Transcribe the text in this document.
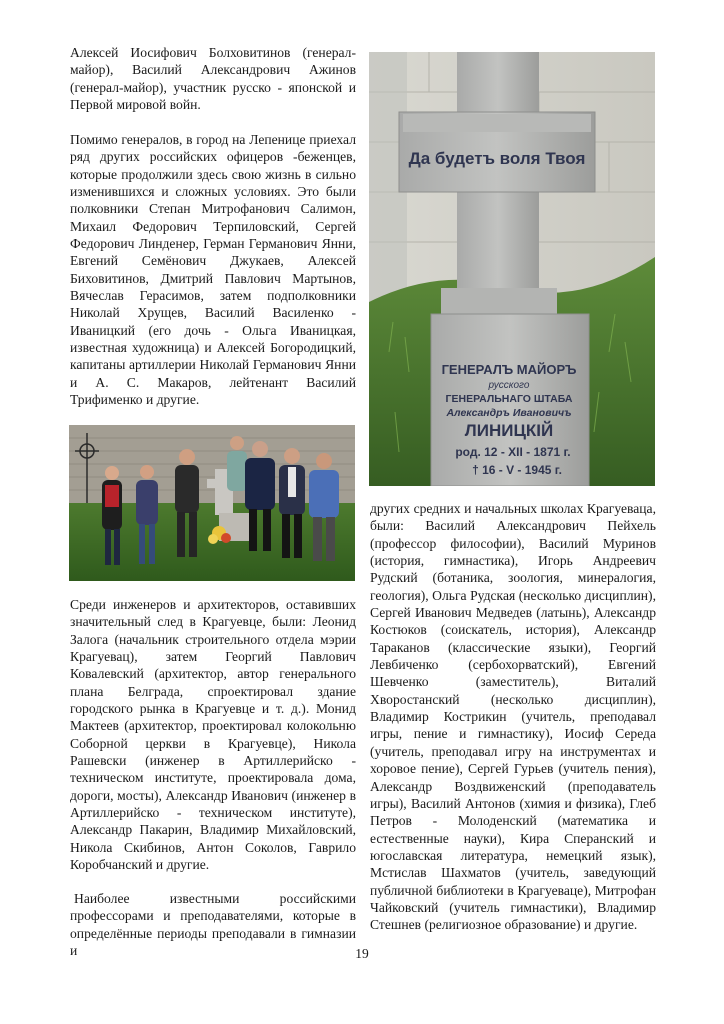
Алексей Иосифович Болховитинов (генерал-майор), Василий Александрович Ажинов (генерал-майор), участник русско - японской и Первой мировой войн.

Помимо генералов, в город на Лепенице приехал ряд других российских офицеров -беженцев, которые продолжили здесь свою жизнь в сильно изменившихся и сложных условиях. Это были полковники Степан Митрофанович Салимон, Михаил Федорович Терпиловский, Сергей Федорович Линденер, Герман Германович Янни, Евгений Семёнович Джукаев, Алексей Биховитинов, Дмитрий Павлович Мартынов, Вячеслав Герасимов, затем подполковники Николай Хрущев, Василий Василенко - Иваницкий (его дочь - Ольга Иваницкая, известная художница) и Алексей Богородицкий, капитаны артиллерии Николай Германович Янни и А. С. Макаров, лейтенант Василий Трифименко и другие.

Среди инженеров и архитекторов, оставивших значительный след в Крагуевце, были: Леонид Залога (начальник строительного отдела мэрии Крагуевац), затем Георгий Павлович Ковалевский (архитектор, автор генерального плана Белграда, спроектировал здание городского рынка в Крагуевце и т. д.). Монид Мактеев (архитектор, проектировал колокольню Соборной церкви в Крагуевце), Никола Рашевски (инженер в Артиллерийско - техническом институте, проектировала дома, дороги, мосты), Александр Иванович (инженер в Артиллерийско - техническом институте), Александр Пакарин, Владимир Михайловский, Никола Скибинов, Антон Соколов, Гаврило Коробчанский и другие.

Наиболее известными российскими профессорами и преподавателями, которые в определённые периоды преподавали в гимназии и

Да будетъ воля Твоя
ГЕНЕРАЛЪ МАЙОРЪ
русского
ГЕНЕРАЛЬНАГО ШТАБА
Александръ Ивановичъ
ЛИНИЦКIЙ
род. 12 - XII - 1871 г.
† 16 - V - 1945 г.

других средних и начальных школах Крагуеваца, были: Василий Александрович Пейхель (профессор философии), Василий Муринов (история, гимнастика), Игорь Андреевич Рудский (ботаника, зоология, минералогия, геология), Ольга Рудская (несколько дисциплин), Сергей Иванович Медведев (латынь), Александр Костюков (соискатель, история), Александр Тараканов (классические языки), Георгий Левбиченко (сербохорватский), Евгений Шевченко (заместитель), Виталий Хворостанский (несколько дисциплин), Владимир Кострикин (учитель, преподавал игры, пение и гимнастику), Иосиф Середа (учитель, преподавал игру на инструментах и хоровое пение), Сергей Гурьев (учитель пения), Александр Воздвиженский (преподаватель игры), Василий Антонов (химия и физика), Глеб Петров - Молоденский (математика и естественные науки), Кира Сперанский и югославская литература, немецкий язык), Мстислав Шахматов (учитель, заведующий публичной библиотеки в Крагуеваце), Митрофан Чайковский (учитель гимнастики), Владимир Стешнев (религиозное образование) и другие.

19
